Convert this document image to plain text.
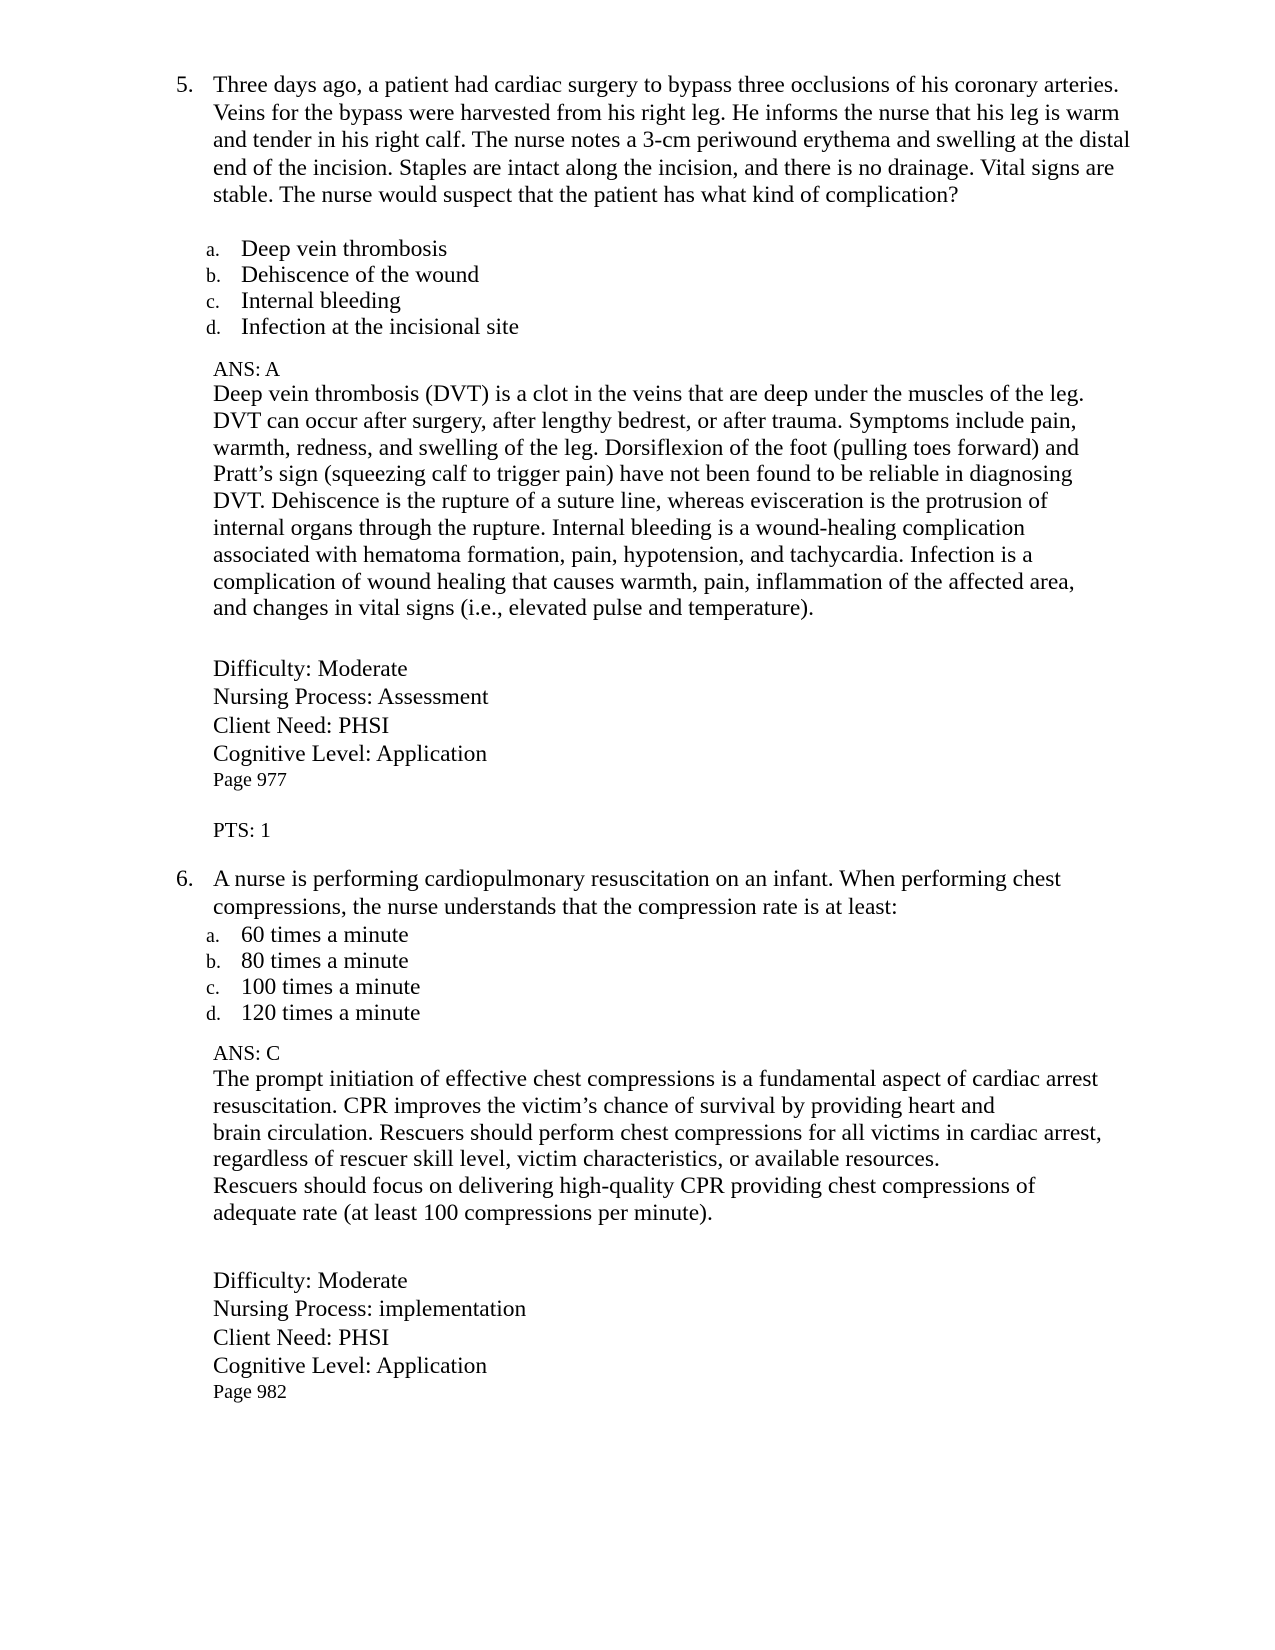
5. Three days ago, a patient had cardiac surgery to bypass three occlusions of his coronary arteries. Veins for the bypass were harvested from his right leg. He informs the nurse that his leg is warm and tender in his right calf. The nurse notes a 3-cm periwound erythema and swelling at the distal end of the incision. Staples are intact along the incision, and there is no drainage. Vital signs are stable. The nurse would suspect that the patient has what kind of complication?
a. Deep vein thrombosis
b. Dehiscence of the wound
c. Internal bleeding
d. Infection at the incisional site
ANS: A
Deep vein thrombosis (DVT) is a clot in the veins that are deep under the muscles of the leg.
DVT can occur after surgery, after lengthy bedrest, or after trauma. Symptoms include pain,
warmth, redness, and swelling of the leg. Dorsiflexion of the foot (pulling toes forward) and
Pratt’s sign (squeezing calf to trigger pain) have not been found to be reliable in diagnosing
DVT. Dehiscence is the rupture of a suture line, whereas evisceration is the protrusion of
internal organs through the rupture. Internal bleeding is a wound-healing complication
associated with hematoma formation, pain, hypotension, and tachycardia. Infection is a
complication of wound healing that causes warmth, pain, inflammation of the affected area,
and changes in vital signs (i.e., elevated pulse and temperature).
Difficulty: Moderate
Nursing Process: Assessment
Client Need: PHSI
Cognitive Level: Application
Page 977
PTS: 1
6. A nurse is performing cardiopulmonary resuscitation on an infant. When performing chest compressions, the nurse understands that the compression rate is at least:
a. 60 times a minute
b. 80 times a minute
c. 100 times a minute
d. 120 times a minute
ANS: C
The prompt initiation of effective chest compressions is a fundamental aspect of cardiac arrest
resuscitation. CPR improves the victim’s chance of survival by providing heart and
brain circulation. Rescuers should perform chest compressions for all victims in cardiac arrest,
regardless of rescuer skill level, victim characteristics, or available resources.
Rescuers should focus on delivering high-quality CPR providing chest compressions of
adequate rate (at least 100 compressions per minute).
Difficulty: Moderate
Nursing Process: implementation
Client Need: PHSI
Cognitive Level: Application
Page 982
